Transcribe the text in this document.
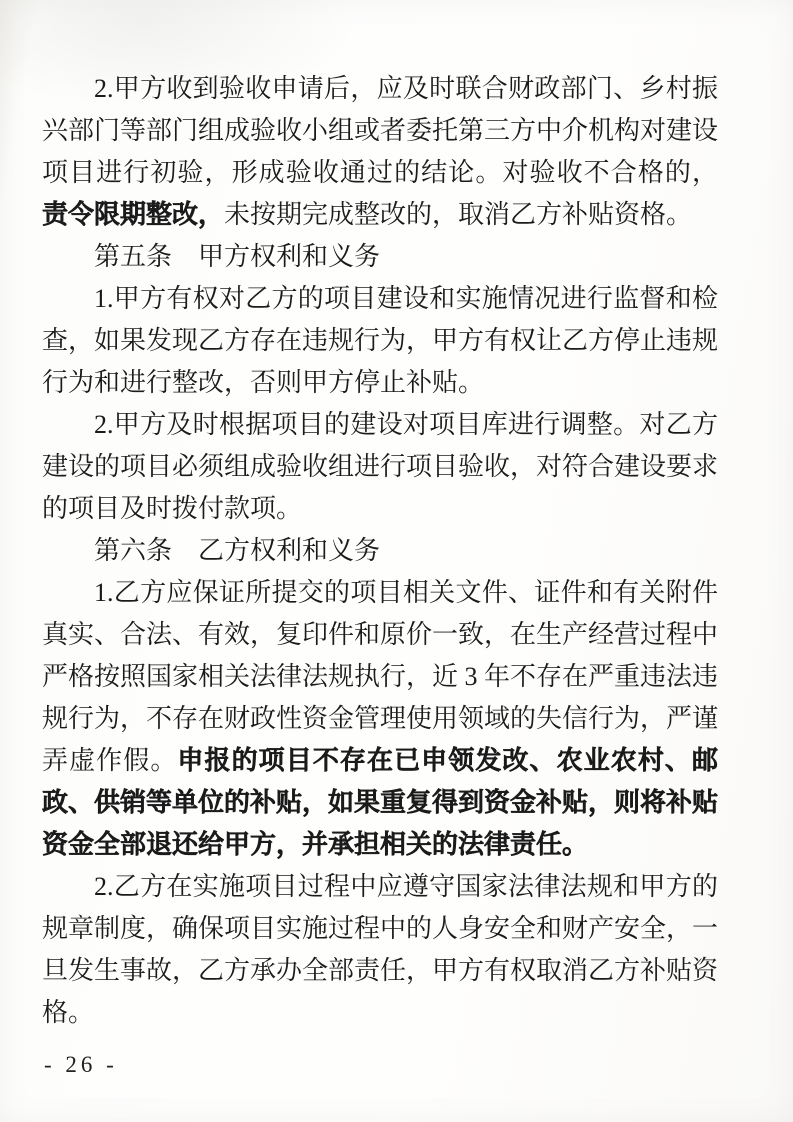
2.甲方收到验收申请后，应及时联合财政部门、乡村振兴部门等部门组成验收小组或者委托第三方中介机构对建设项目进行初验，形成验收通过的结论。对验收不合格的，责令限期整改，未按期完成整改的，取消乙方补贴资格。

第五条　甲方权利和义务

1.甲方有权对乙方的项目建设和实施情况进行监督和检查，如果发现乙方存在违规行为，甲方有权让乙方停止违规行为和进行整改，否则甲方停止补贴。

2.甲方及时根据项目的建设对项目库进行调整。对乙方建设的项目必须组成验收组进行项目验收，对符合建设要求的项目及时拨付款项。

第六条　乙方权利和义务

1.乙方应保证所提交的项目相关文件、证件和有关附件真实、合法、有效，复印件和原价一致，在生产经营过程中严格按照国家相关法律法规执行，近 3 年不存在严重违法违规行为，不存在财政性资金管理使用领域的失信行为，严谨弄虚作假。申报的项目不存在已申领发改、农业农村、邮政、供销等单位的补贴，如果重复得到资金补贴，则将补贴资金全部退还给甲方，并承担相关的法律责任。

2.乙方在实施项目过程中应遵守国家法律法规和甲方的规章制度，确保项目实施过程中的人身安全和财产安全，一旦发生事故，乙方承办全部责任，甲方有权取消乙方补贴资格。

- 26 -
